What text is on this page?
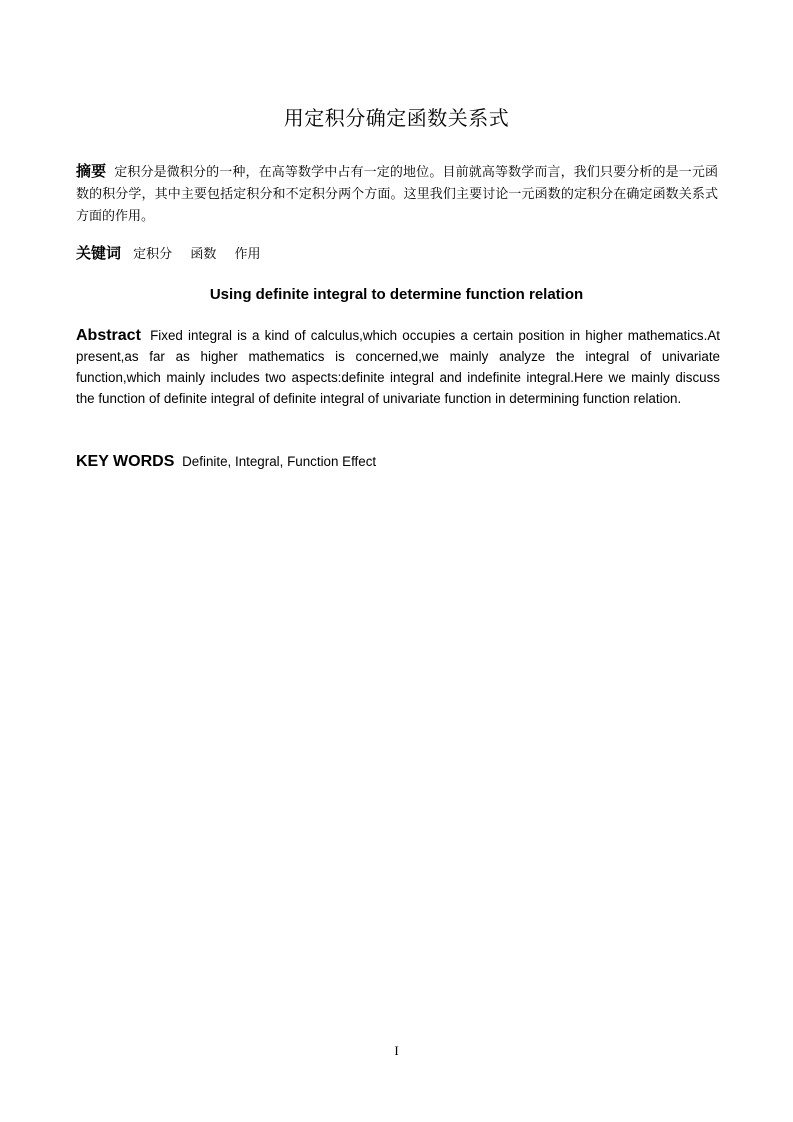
用定积分确定函数关系式
摘要 定积分是微积分的一种，在高等数学中占有一定的地位。目前就高等数学而言，我们只要分析的是一元函数的积分学，其中主要包括定积分和不定积分两个方面。这里我们主要讨论一元函数的定积分在确定函数关系式方面的作用。
关键词 定积分 函数 作用
Using definite integral to determine function relation
Abstract Fixed integral is a kind of calculus,which occupies a certain position in higher mathematics.At present,as far as higher mathematics is concerned,we mainly analyze the integral of univariate function,which mainly includes two aspects:definite integral and indefinite integral.Here we mainly discuss the function of definite integral of definite integral of univariate function in determining function relation.
KEY WORDS Definite, Integral, Function Effect
I
